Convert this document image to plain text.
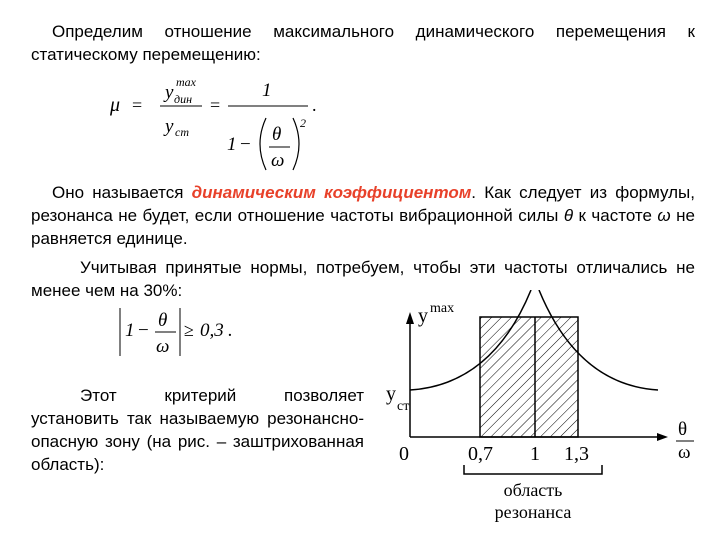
Определим отношение максимального динамического перемещения к статическому перемещению:

μ =
y max
дин
y ст
=
1
1 − θ
ω
2
.

Оно называется динамическим коэффициентом. Как следует из формулы, резонанса не будет, если отношение частоты вибрационной силы θ к частоте ω не равняется единице.

Учитывая принятые нормы, потребуем, чтобы эти частоты отличались не менее чем на 30%:

1 − θ
ω
≥ 0,3 .

Этот критерий позволяет установить так называемую резонансно-опасную зону (на рис. – заштрихованная область):

y max
y
ст
θ
ω
0	0,7 1 1,3
область
резонанса
